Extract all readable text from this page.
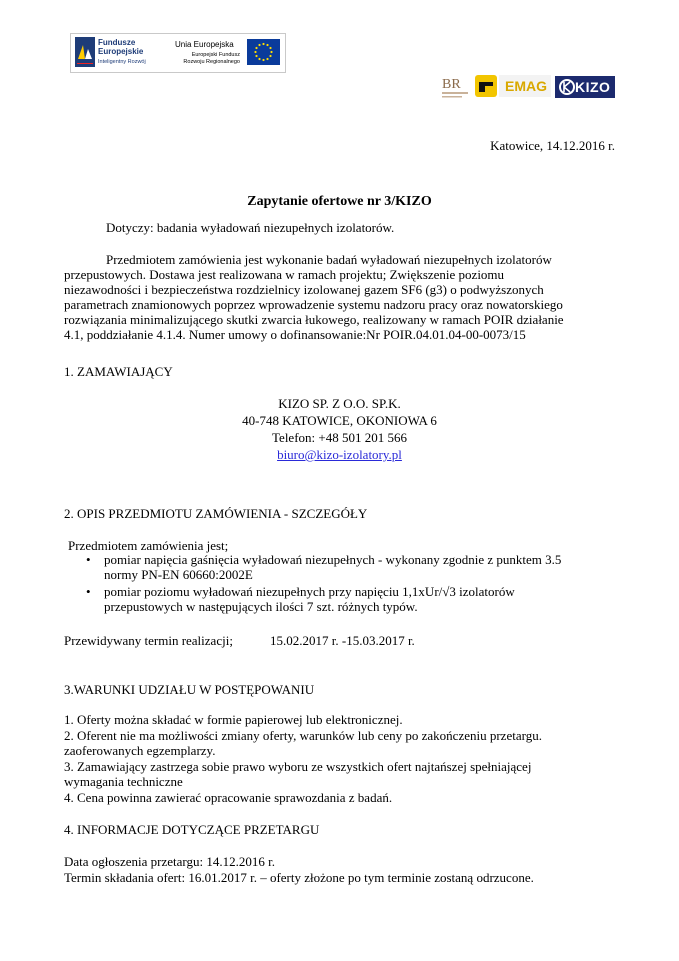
Fundusze
Europejskie
Inteligentny Rozwój
Unia Europejska
Europejski Fundusz
Rozwoju Regionalnego
BR	EMAG KIZO
Katowice, 14.12.2016 r.
Zapytanie ofertowe nr 3/KIZO
Dotyczy: badania wyładowań niezupełnych izolatorów.
Przedmiotem zamówienia jest wykonanie badań wyładowań niezupełnych izolatorów przepustowych. Dostawa jest realizowana w ramach projektu; Zwiększenie poziomu niezawodności i bezpieczeństwa rozdzielnicy izolowanej gazem SF6 (g3) o podwyższonych parametrach znamionowych poprzez wprowadzenie systemu nadzoru pracy oraz nowatorskiego rozwiązania minimalizującego skutki zwarcia łukowego, realizowany w ramach POIR działanie 4.1, poddziałanie 4.1.4. Numer umowy o dofinansowanie:Nr POIR.04.01.04-00-0073/15
1. ZAMAWIAJĄCY
KIZO SP. Z O.O. SP.K.
40-748 KATOWICE, OKONIOWA 6
Telefon: +48 501 201 566
biuro@kizo-izolatory.pl
2. OPIS PRZEDMIOTU ZAMÓWIENIA - SZCZEGÓŁY
Przedmiotem zamówienia jest;
• pomiar napięcia gaśnięcia wyładowań niezupełnych - wykonany zgodnie z punktem 3.5 normy PN-EN 60660:2002E
• pomiar poziomu wyładowań niezupełnych przy napięciu 1,1xUr/√3 izolatorów przepustowych w następujących ilości 7 szt. różnych typów.
Przewidywany termin realizacji;	15.02.2017 r. -15.03.2017 r.
3.WARUNKI UDZIAŁU W POSTĘPOWANIU
1. Oferty można składać w formie papierowej lub elektronicznej.
2. Oferent nie ma możliwości zmiany oferty, warunków lub ceny po zakończeniu przetargu. zaoferowanych egzemplarzy.
3. Zamawiający zastrzega sobie prawo wyboru ze wszystkich ofert najtańszej spełniającej wymagania techniczne
4. Cena powinna zawierać opracowanie sprawozdania z badań.
4. INFORMACJE DOTYCZĄCE PRZETARGU
Data ogłoszenia przetargu: 14.12.2016 r.
Termin składania ofert: 16.01.2017 r. – oferty złożone po tym terminie zostaną odrzucone.
